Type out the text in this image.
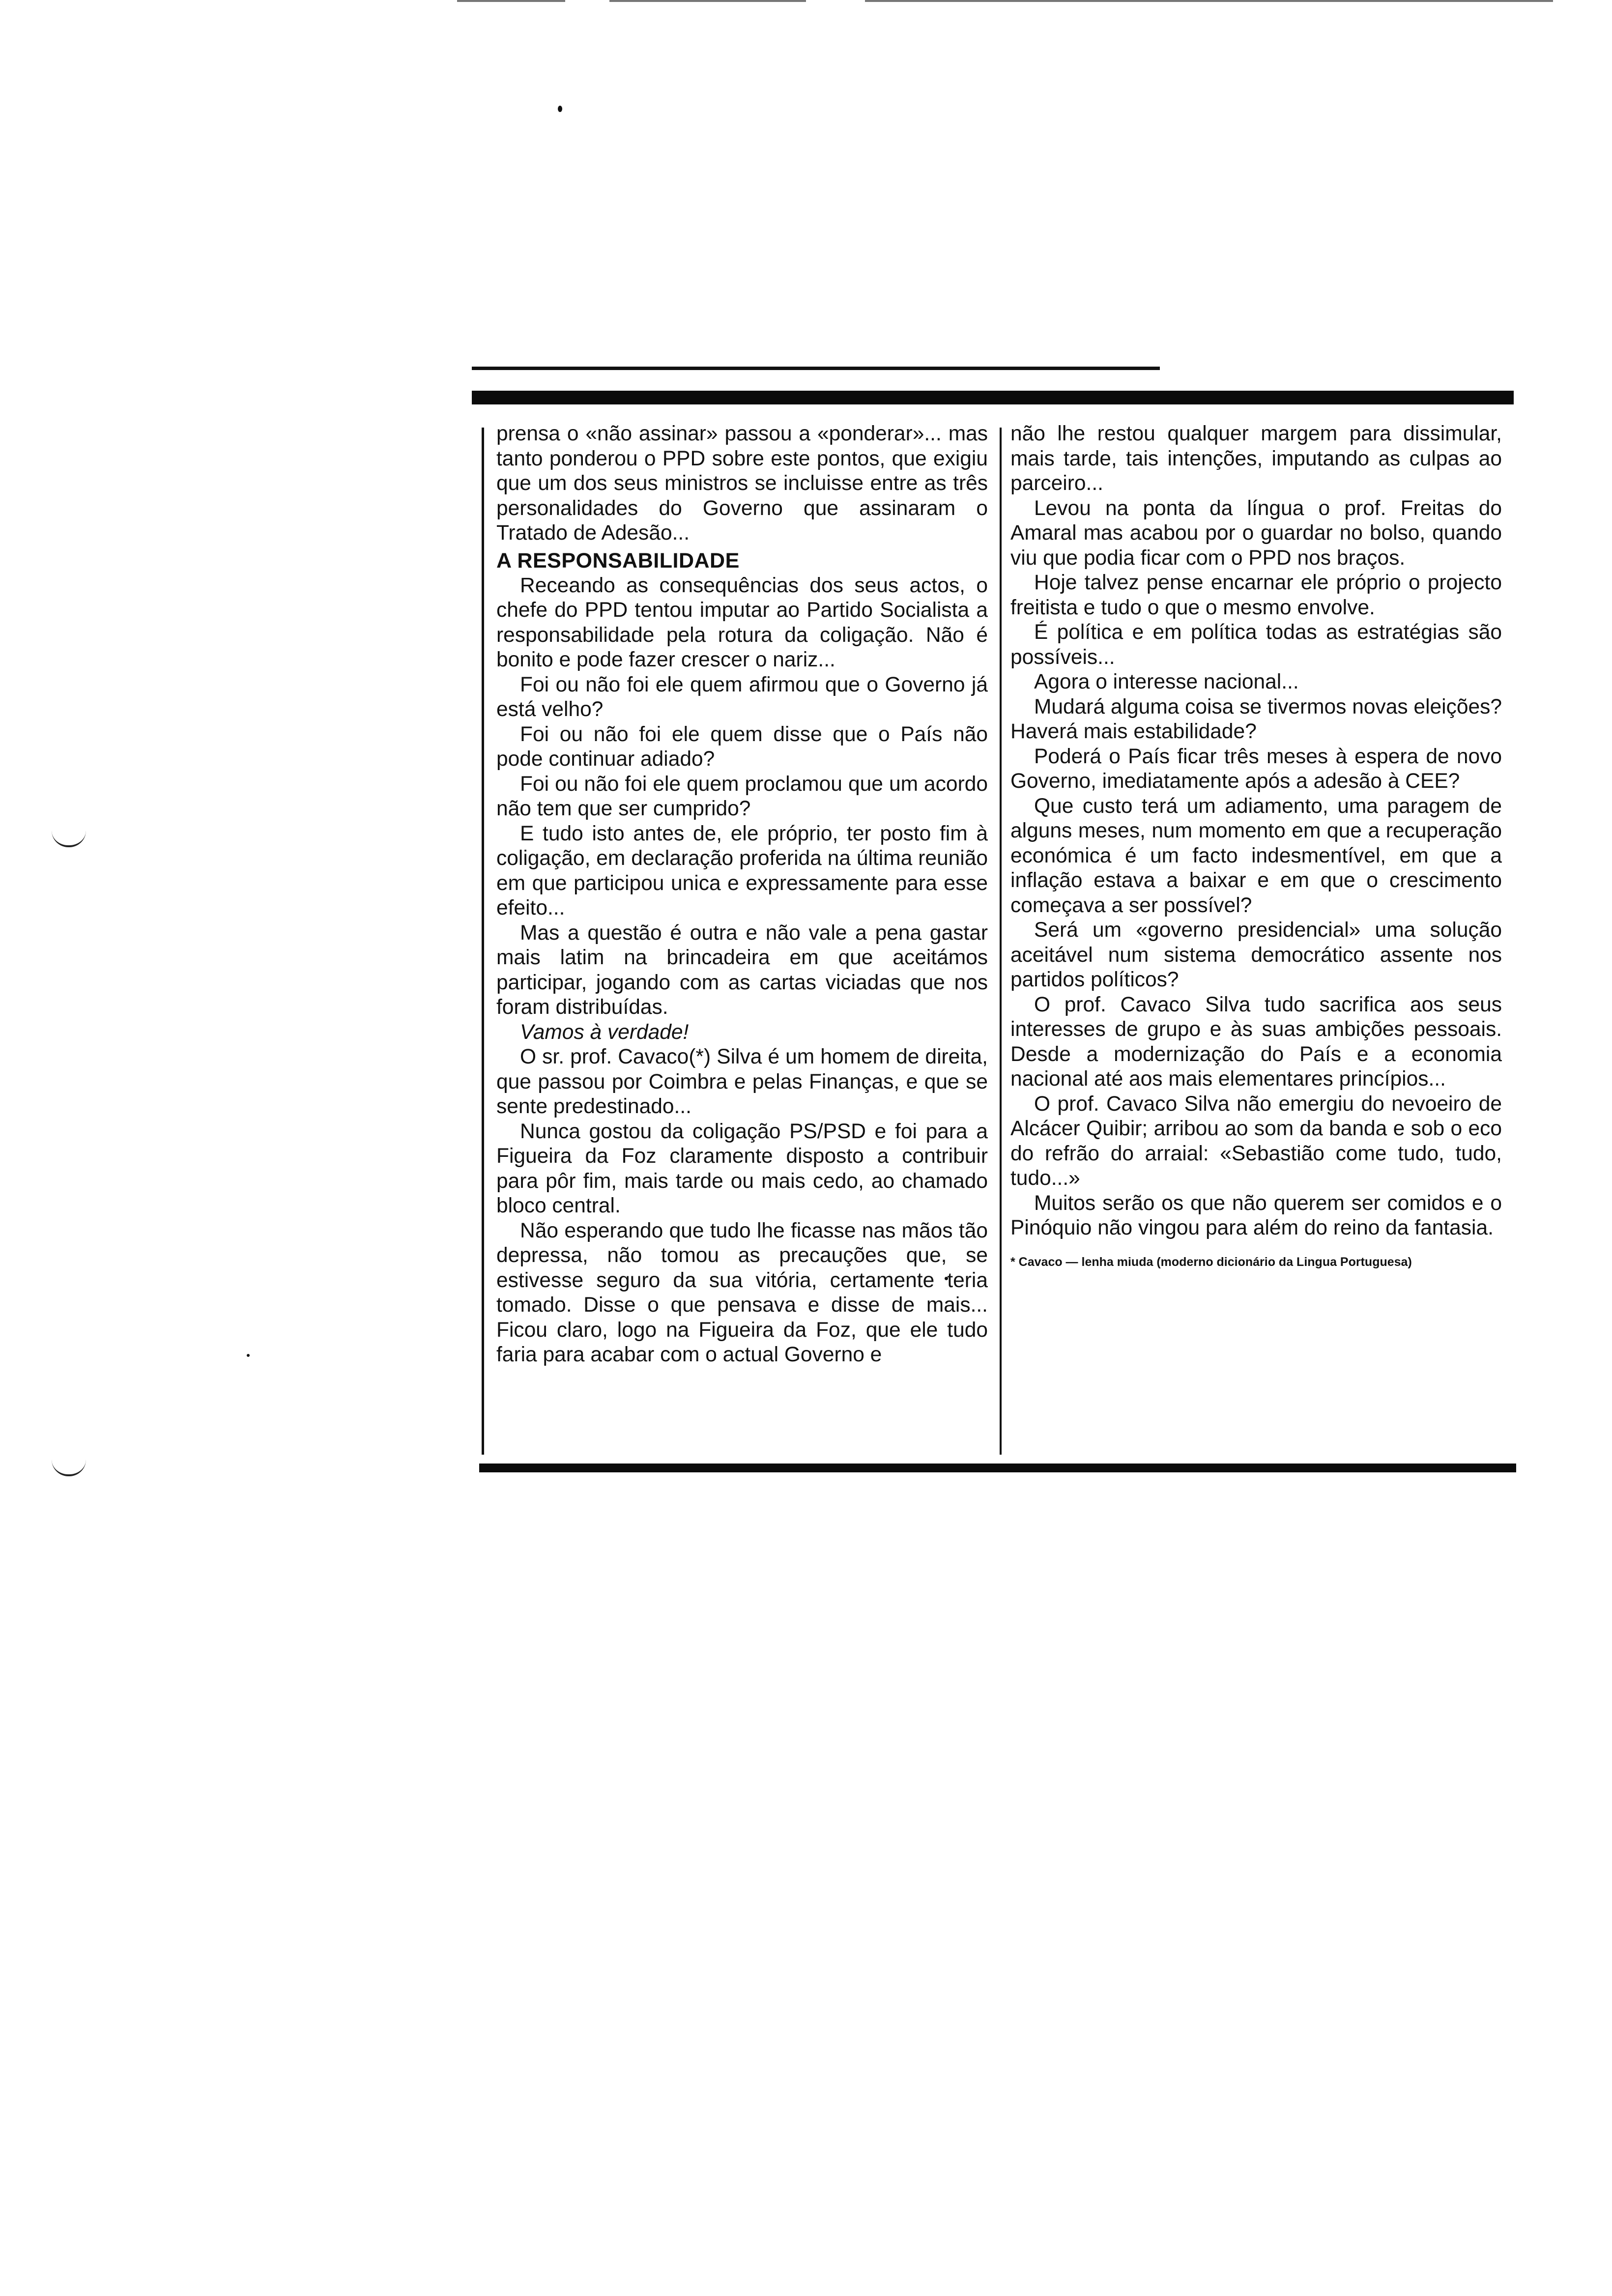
prensa o «não assinar» passou a «ponderar»... mas tanto ponderou o PPD sobre este pontos, que exigiu que um dos seus ministros se incluisse entre as três personalidades do Governo que assinaram o Tratado de Adesão...

A RESPONSABILIDADE

Receando as consequências dos seus actos, o chefe do PPD tentou imputar ao Partido Socialista a responsabilidade pela rotura da coligação. Não é bonito e pode fazer crescer o nariz...

Foi ou não foi ele quem afirmou que o Governo já está velho?

Foi ou não foi ele quem disse que o País não pode continuar adiado?

Foi ou não foi ele quem proclamou que um acordo não tem que ser cumprido?

E tudo isto antes de, ele próprio, ter posto fim à coligação, em declaração proferida na última reunião em que participou unica e expressamente para esse efeito...

Mas a questão é outra e não vale a pena gastar mais latim na brincadeira em que aceitámos participar, jogando com as cartas viciadas que nos foram distribuídas.

Vamos à verdade!

O sr. prof. Cavaco(*) Silva é um homem de direita, que passou por Coimbra e pelas Finanças, e que se sente predestinado...

Nunca gostou da coligação PS/PSD e foi para a Figueira da Foz claramente disposto a contribuir para pôr fim, mais tarde ou mais cedo, ao chamado bloco central.

Não esperando que tudo lhe ficasse nas mãos tão depressa, não tomou as precauções que, se estivesse seguro da sua vitória, certamente teria tomado. Disse o que pensava e disse de mais... Ficou claro, logo na Figueira da Foz, que ele tudo faria para acabar com o actual Governo e

não lhe restou qualquer margem para dissimular, mais tarde, tais intenções, imputando as culpas ao parceiro...

Levou na ponta da língua o prof. Freitas do Amaral mas acabou por o guardar no bolso, quando viu que podia ficar com o PPD nos braços.

Hoje talvez pense encarnar ele próprio o projecto freitista e tudo o que o mesmo envolve.

É política e em política todas as estratégias são possíveis...

Agora o interesse nacional...

Mudará alguma coisa se tivermos novas eleições? Haverá mais estabilidade?

Poderá o País ficar três meses à espera de novo Governo, imediatamente após a adesão à CEE?

Que custo terá um adiamento, uma paragem de alguns meses, num momento em que a recuperação económica é um facto indesmentível, em que a inflação estava a baixar e em que o crescimento começava a ser possível?

Será um «governo presidencial» uma solução aceitável num sistema democrático assente nos partidos políticos?

O prof. Cavaco Silva tudo sacrifica aos seus interesses de grupo e às suas ambições pessoais. Desde a modernização do País e a economia nacional até aos mais elementares princípios...

O prof. Cavaco Silva não emergiu do nevoeiro de Alcácer Quibir; arribou ao som da banda e sob o eco do refrão do arraial: «Sebastião come tudo, tudo, tudo...»

Muitos serão os que não querem ser comidos e o Pinóquio não vingou para além do reino da fantasia.

* Cavaco — lenha miuda (moderno dicionário da Lingua Portuguesa)
